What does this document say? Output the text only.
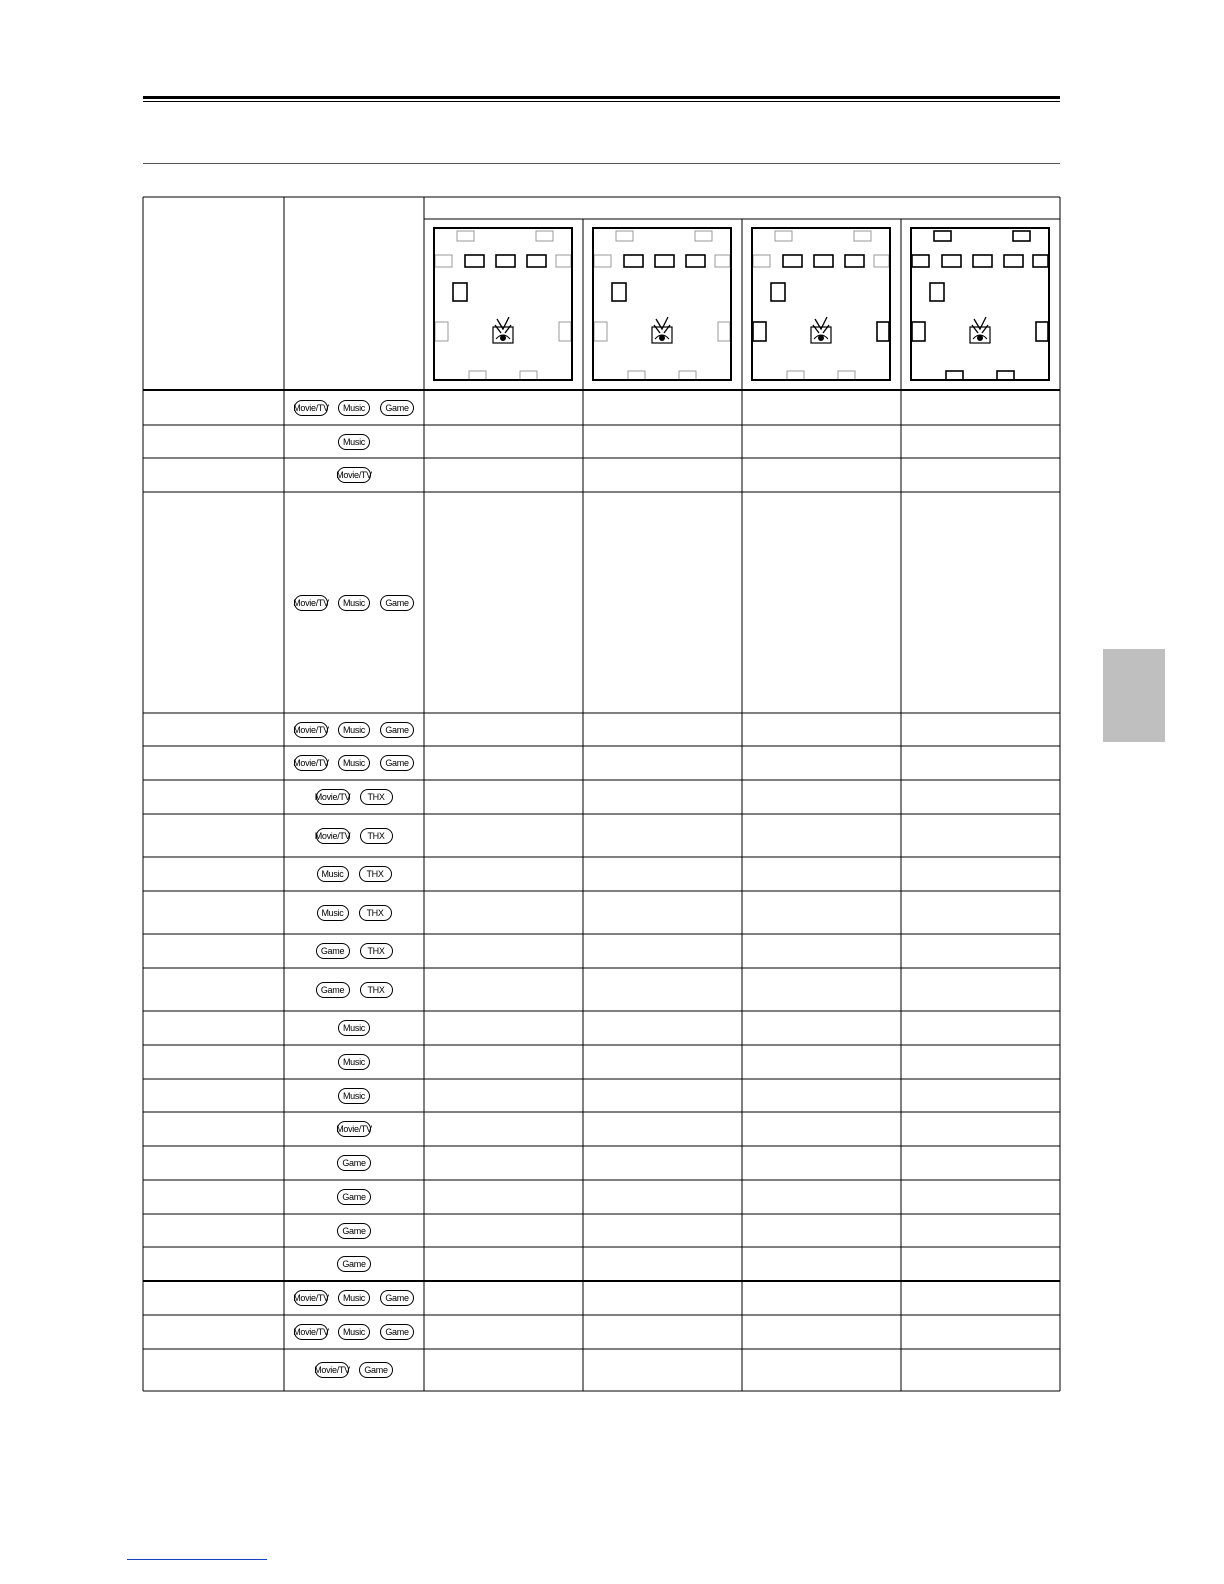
Movie/TV	Music	Game
Music
Movie/TV
Movie/TV	Music	Game
Movie/TV	Music	Game
Movie/TV	Music	Game
Movie/TV	THX
Movie/TV	THX
Music	THX
Music	THX
Game	THX
Game	THX
Music
Music
Music
Movie/TV
Game
Game
Game
Game
Movie/TV	Music	Game
Movie/TV	Music	Game
Movie/TV	Game
